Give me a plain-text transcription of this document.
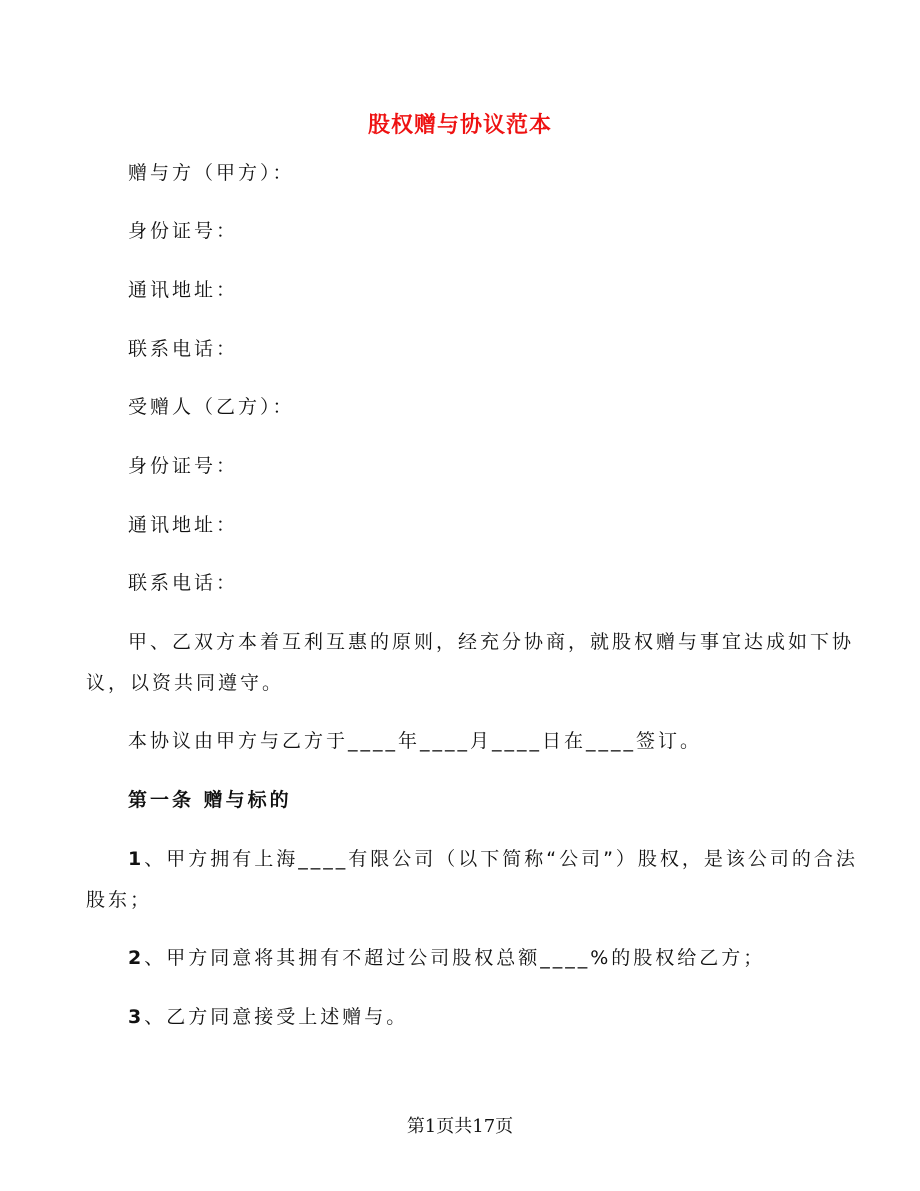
股权赠与协议范本
赠与方（甲方）：
身份证号：
通讯地址：
联系电话：
受赠人（乙方）：
身份证号：
通讯地址：
联系电话：
甲、乙双方本着互利互惠的原则，经充分协商，就股权赠与事宜达成如下协
议，以资共同遵守。
本协议由甲方与乙方于____年____月____日在____签订。
第一条 赠与标的
1、甲方拥有上海____有限公司（以下简称“公司”）股权，是该公司的合法
股东；
2、甲方同意将其拥有不超过公司股权总额____%的股权给乙方；
3、乙方同意接受上述赠与。
第1页共17页
